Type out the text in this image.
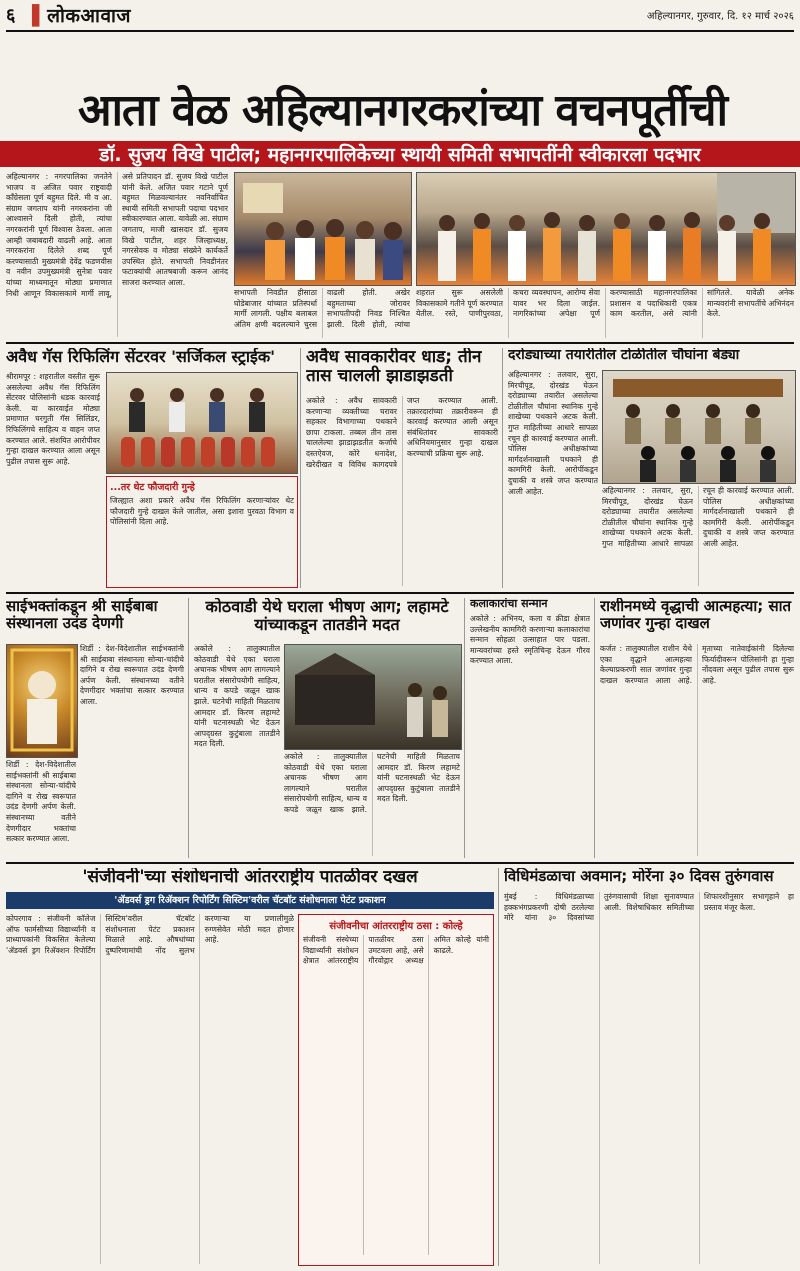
६ ▌लोकआवाज	अहिल्यानगर, गुरुवार, दि. १२ मार्च २०२६
आता वेळ अहिल्यानगरकरांच्या वचनपूर्तीची
डॉ. सुजय विखे पाटील; महानगरपालिकेच्या स्थायी समिती सभापतींनी स्वीकारला पदभार
अहिल्यानगर : नगरपालिका जनतेने भाजप व अजित पवार राष्ट्रवादी काँग्रेसला पूर्ण बहुमत दिले. मी व आ. संग्राम जगताप यांनी नगरकरांना जी आश्वासने दिली होती, त्यांचा नगरकरांनी पूर्ण विश्वास ठेवला. आता आम्ही जबाबदारी वाढली आहे. आता नगरकरांना दिलेले शब्द पूर्ण करण्यासाठी मुख्यमंत्री देवेंद्र फडणवीस व नवीन उपमुख्यमंत्री सुनेत्रा पवार यांच्या माध्यमातून मोठ्या प्रमाणात निधी आणून विकासकामे मार्गी लावू, असे प्रतिपादन डॉ. सुजय विखे पाटील यांनी केले. अजित पवार गटाने पूर्ण बहुमत मिळवल्यानंतर नवनिर्वाचित स्थायी समिती सभापती पदाचा पदभार स्वीकारण्यात आला. यावेळी आ. संग्राम जगताप, माजी खासदार डॉ. सुजय विखे पाटील, शहर जिल्हाध्यक्ष, नगरसेवक व मोठ्या संख्येने कार्यकर्ते उपस्थित होते. सभापती निवडीनंतर फटाक्यांची आतषबाजी करून आनंद साजरा करण्यात आला.
सभापती निवडीत हीसाठा घोडेबाजार यांच्यात प्रतिस्पर्धा मार्गी लागली. पक्षीय बलाबल अंतिम क्षणी बदलल्याने चुरस वाढली होती. अखेर बहुमताच्या जोरावर सभापतीपदी निवड निश्चित झाली. दिली होती, त्यांचा
शहरात सुरू असलेली विकासकामे गतीने पूर्ण करण्यात येतील. रस्ते, पाणीपुरवठा, कचरा व्यवस्थापन, आरोग्य सेवा यावर भर दिला जाईल. नागरिकांच्या अपेक्षा पूर्ण करण्यासाठी महानगरपालिका प्रशासन व पदाधिकारी एकत्र काम करतील, असे त्यांनी सांगितले. यावेळी अनेक मान्यवरांनी सभापतींचे अभिनंदन केले.
अवैध गॅस रिफिलिंग सेंटरवर 'सर्जिकल स्ट्राईक'
श्रीरामपूर : शहरातील वस्तीत सुरू असलेल्या अवैध गॅस रिफिलिंग सेंटरवर पोलिसांनी धडक कारवाई केली. या कारवाईत मोठ्या प्रमाणात घरगुती गॅस सिलिंडर, रिफिलिंगचे साहित्य व वाहन जप्त करण्यात आले. संशयित आरोपीवर गुन्हा दाखल करण्यात आला असून पुढील तपास सुरू आहे.
...तर थेट फौजदारी गुन्हे
जिल्ह्यात अशा प्रकारे अवैध गॅस रिफिलिंग करणाऱ्यांवर थेट फौजदारी गुन्हे दाखल केले जातील, असा इशारा पुरवठा विभाग व पोलिसांनी दिला आहे.
अवैध सावकारीवर धाड; तीन तास चालली झाडाझडती
अकोले : अवैध सावकारी करणाऱ्या व्यक्तीच्या घरावर सहकार विभागाच्या पथकाने छापा टाकला. तब्बल तीन तास चाललेल्या झाडाझडतीत कर्जाचे दस्तऐवज, कोरे धनादेश, खरेदीखत व विविध कागदपत्रे जप्त करण्यात आली. तक्रारदारांच्या तक्रारीवरून ही कारवाई करण्यात आली असून संबंधितांवर सावकारी अधिनियमानुसार गुन्हा दाखल करण्याची प्रक्रिया सुरू आहे.
दरोड्याच्या तयारीतील टोळीतील चौघांना बेड्या
अहिल्यानगर : तलवार, सुरा, मिरचीपूड, दोरखंड घेऊन दरोड्याच्या तयारीत असलेल्या टोळीतील चौघांना स्थानिक गुन्हे शाखेच्या पथकाने अटक केली. गुप्त माहितीच्या आधारे सापळा रचून ही कारवाई करण्यात आली. पोलिस अधीक्षकांच्या मार्गदर्शनाखाली पथकाने ही कामगिरी केली. आरोपींकडून दुचाकी व शस्त्रे जप्त करण्यात आली आहेत.	अहिल्यानगर : तलवार, सुरा, मिरचीपूड, दोरखंड घेऊन दरोड्याच्या तयारीत असलेल्या टोळीतील चौघांना स्थानिक गुन्हे शाखेच्या पथकाने अटक केली. गुप्त माहितीच्या आधारे सापळा रचून ही कारवाई करण्यात आली. पोलिस अधीक्षकांच्या मार्गदर्शनाखाली पथकाने ही कामगिरी केली. आरोपींकडून दुचाकी व शस्त्रे जप्त करण्यात आली आहेत.
साईभक्तांकडून श्री साईबाबा संस्थानला उदंड देणगी
शिर्डी : देश-विदेशातील साईभक्तांनी श्री साईबाबा संस्थानला सोन्या-चांदीचे दागिने व रोख स्वरूपात उदंड देणगी अर्पण केली. संस्थानच्या वतीने देणगीदार भक्तांचा सत्कार करण्यात आला.
शिर्डी : देश-विदेशातील साईभक्तांनी श्री साईबाबा संस्थानला सोन्या-चांदीचे दागिने व रोख स्वरूपात उदंड देणगी अर्पण केली. संस्थानच्या वतीने देणगीदार भक्तांचा सत्कार करण्यात आला.
कोठवाडी येथे घराला भीषण आग; लहामटे यांच्याकडून तातडीने मदत
अकोले : तालुक्यातील कोठवाडी येथे एका घराला अचानक भीषण आग लागल्याने घरातील संसारोपयोगी साहित्य, धान्य व कपडे जळून खाक झाले. घटनेची माहिती मिळताच आमदार डॉ. किरण लहामटे यांनी घटनास्थळी भेट देऊन आपद्ग्रस्त कुटुंबाला तातडीने मदत दिली.
अकोले : तालुक्यातील कोठवाडी येथे एका घराला अचानक भीषण आग लागल्याने घरातील संसारोपयोगी साहित्य, धान्य व कपडे जळून खाक झाले. घटनेची माहिती मिळताच आमदार डॉ. किरण लहामटे यांनी घटनास्थळी भेट देऊन आपद्ग्रस्त कुटुंबाला तातडीने मदत दिली.
कलाकारांचा सन्मान
अकोले : अभिनय, कला व क्रीडा क्षेत्रात उल्लेखनीय कामगिरी करणाऱ्या कलाकारांचा सन्मान सोहळा उत्साहात पार पडला. मान्यवरांच्या हस्ते स्मृतिचिन्ह देऊन गौरव करण्यात आला.
राशीनमध्ये वृद्धाची आत्महत्या; सात जणांवर गुन्हा दाखल
कर्जत : तालुक्यातील राशीन येथे एका वृद्धाने आत्महत्या केल्याप्रकरणी सात जणांवर गुन्हा दाखल करण्यात आला आहे. मृताच्या नातेवाईकांनी दिलेल्या फिर्यादीवरून पोलिसांनी हा गुन्हा नोंदवला असून पुढील तपास सुरू आहे.
'संजीवनी'च्या संशोधनाची आंतरराष्ट्रीय पातळीवर दखल
'ॲडवर्स ड्रग रिॲक्शन रिपोर्टिंग सिस्टिम'वरील चॅटबॉट संशोधनाला पेटंट प्रकाशन
कोपरगाव : संजीवनी कॉलेज ऑफ फार्मसीच्या विद्यार्थ्यांनी व प्राध्यापकांनी विकसित केलेल्या 'ॲडवर्स ड्रग रिॲक्शन रिपोर्टिंग सिस्टिम'वरील चॅटबॉट संशोधनाला पेटंट प्रकाशन मिळाले आहे. औषधांच्या दुष्परिणामांची नोंद सुलभ करणाऱ्या या प्रणालीमुळे रुग्णसेवेत मोठी मदत होणार आहे.
संजीवनीचा आंतरराष्ट्रीय ठसा : कोल्हे
संजीवनी संस्थेच्या विद्यार्थ्यांनी संशोधन क्षेत्रात आंतरराष्ट्रीय पातळीवर ठसा उमटवला आहे, असे गौरवोद्गार अध्यक्ष अमित कोल्हे यांनी काढले.
विधिमंडळाचा अवमान; मोरेंना ३० दिवस तुरुंगवास
मुंबई : विधिमंडळाच्या हक्कभंगप्रकरणी दोषी ठरलेल्या मोरे यांना ३० दिवसांच्या तुरुंगवासाची शिक्षा सुनावण्यात आली. विशेषाधिकार समितीच्या शिफारशीनुसार सभागृहाने हा प्रस्ताव मंजूर केला.
